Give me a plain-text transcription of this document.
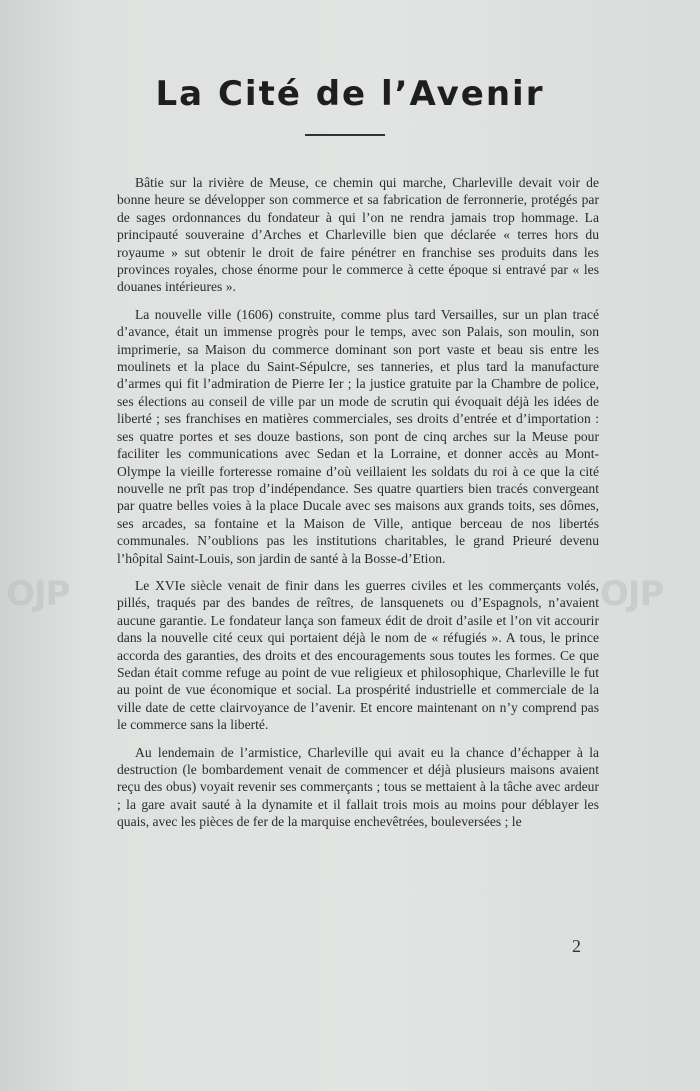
OJP	OJP
La Cité de l’Avenir

Bâtie sur la rivière de Meuse, ce chemin qui marche, Charleville devait voir de bonne heure se développer son commerce et sa fabrication de ferronnerie, protégés par de sages ordonnances du fondateur à qui l’on ne rendra jamais trop hommage. La principauté souveraine d’Arches et Charleville bien que déclarée « terres hors du royaume » sut obtenir le droit de faire pénétrer en franchise ses produits dans les provinces royales, chose énorme pour le commerce à cette époque si entravé par « les douanes intérieures ».

La nouvelle ville (1606) construite, comme plus tard Versailles, sur un plan tracé d’avance, était un immense progrès pour le temps, avec son Palais, son moulin, son imprimerie, sa Maison du commerce dominant son port vaste et beau sis entre les moulinets et la place du Saint-Sépulcre, ses tanneries, et plus tard la manufacture d’armes qui fit l’admiration de Pierre Ier ; la justice gratuite par la Chambre de police, ses élections au conseil de ville par un mode de scrutin qui évoquait déjà les idées de liberté ; ses franchises en matières commerciales, ses droits d’entrée et d’importation : ses quatre portes et ses douze bastions, son pont de cinq arches sur la Meuse pour faciliter les communications avec Sedan et la Lorraine, et donner accès au Mont-Olympe la vieille forteresse romaine d’où veillaient les soldats du roi à ce que la cité nouvelle ne prît pas trop d’indépendance. Ses quatre quartiers bien tracés convergeant par quatre belles voies à la place Ducale avec ses maisons aux grands toits, ses dômes, ses arcades, sa fontaine et la Maison de Ville, antique berceau de nos libertés communales. N’oublions pas les institutions charitables, le grand Prieuré devenu l’hôpital Saint-Louis, son jardin de santé à la Bosse-d’Etion.

Le XVIe siècle venait de finir dans les guerres civiles et les commerçants volés, pillés, traqués par des bandes de reîtres, de lansquenets ou d’Espagnols, n’avaient aucune garantie. Le fondateur lança son fameux édit de droit d’asile et l’on vit accourir dans la nouvelle cité ceux qui portaient déjà le nom de « réfugiés ». A tous, le prince accorda des garanties, des droits et des encouragements sous toutes les formes. Ce que Sedan était comme refuge au point de vue religieux et philosophique, Charleville le fut au point de vue économique et social. La prospérité industrielle et commerciale de la ville date de cette clairvoyance de l’avenir. Et encore maintenant on n’y comprend pas le commerce sans la liberté.

Au lendemain de l’armistice, Charleville qui avait eu la chance d’échapper à la destruction (le bombardement venait de commencer et déjà plusieurs maisons avaient reçu des obus) voyait revenir ses commerçants ; tous se mettaient à la tâche avec ardeur ; la gare avait sauté à la dynamite et il fallait trois mois au moins pour déblayer les quais, avec les pièces de fer de la marquise enchevêtrées, bouleversées ; le

2
